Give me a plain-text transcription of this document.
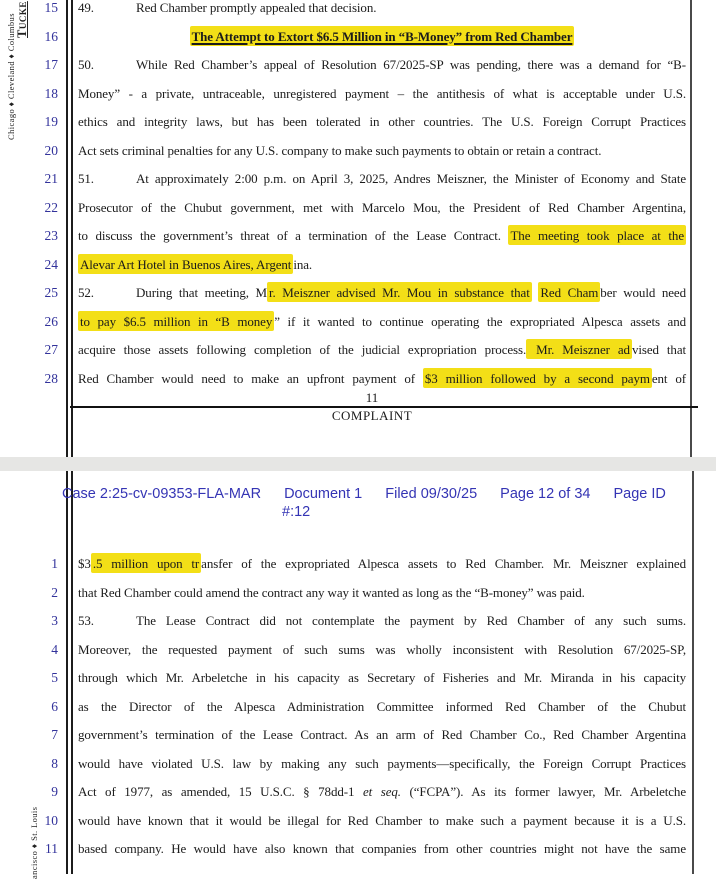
Tucke
Chicago ♦ Cleveland ♦ Columbus
15
16
17
18
19
20
21
22
23
24
25
26
27
28
49.	Red Chamber promptly appealed that decision.
The Attempt to Extort $6.5 Million in “B-Money” from Red Chamber
50.	While Red Chamber’s appeal of Resolution 67/2025-SP was pending, there was a demand for “B-
Money” - a private, untraceable, unregistered payment – the antithesis of what is acceptable under U.S.
ethics and integrity laws, but has been tolerated in other countries. The U.S. Foreign Corrupt Practices
Act sets criminal penalties for any U.S. company to make such payments to obtain or retain a contract.
51.	At approximately 2:00 p.m. on April 3, 2025, Andres Meiszner, the Minister of Economy and State
Prosecutor of the Chubut government, met with Marcelo Mou, the President of Red Chamber Argentina,
to discuss the government’s threat of a termination of the Lease Contract. The meeting took place at the
Alevar Art Hotel in Buenos Aires, Argent ina.
52.	During that meeting, M r. Meiszner advised Mr. Mou in substance that Red Cham ber would need
to pay $6.5 million in “B money ” if it wanted to continue operating the expropriated Alpesca assets and
acquire those assets following completion of the judicial expropriation process. Mr. Meiszner ad vised that
Red Chamber would need to make an upfront payment of $3 million followed by a second paym ent of
11
COMPLAINT
Case 2:25-cv-09353-FLA-MAR Document 1 Filed 09/30/25 Page 12 of 34 Page ID
#:12
ancisco ♦ St. Louis
1
2
3
4
5
6
7
8
9
10
11
$3 .5 million upon tr ansfer of the expropriated Alpesca assets to Red Chamber. Mr. Meiszner explained
that Red Chamber could amend the contract any way it wanted as long as the “B-money” was paid.
53.	The Lease Contract did not contemplate the payment by Red Chamber of any such sums.
Moreover, the requested payment of such sums was wholly inconsistent with Resolution 67/2025-SP,
through which Mr. Arbeletche in his capacity as Secretary of Fisheries and Mr. Miranda in his capacity
as the Director of the Alpesca Administration Committee informed Red Chamber of the Chubut
government’s termination of the Lease Contract. As an arm of Red Chamber Co., Red Chamber Argentina
would have violated U.S. law by making any such payments—specifically, the Foreign Corrupt Practices
Act of 1977, as amended, 15 U.S.C. § 78dd-1 et seq. (“FCPA”). As its former lawyer, Mr. Arbeletche
would have known that it would be illegal for Red Chamber to make such a payment because it is a U.S.
based company. He would have also known that companies from other countries might not have the same
